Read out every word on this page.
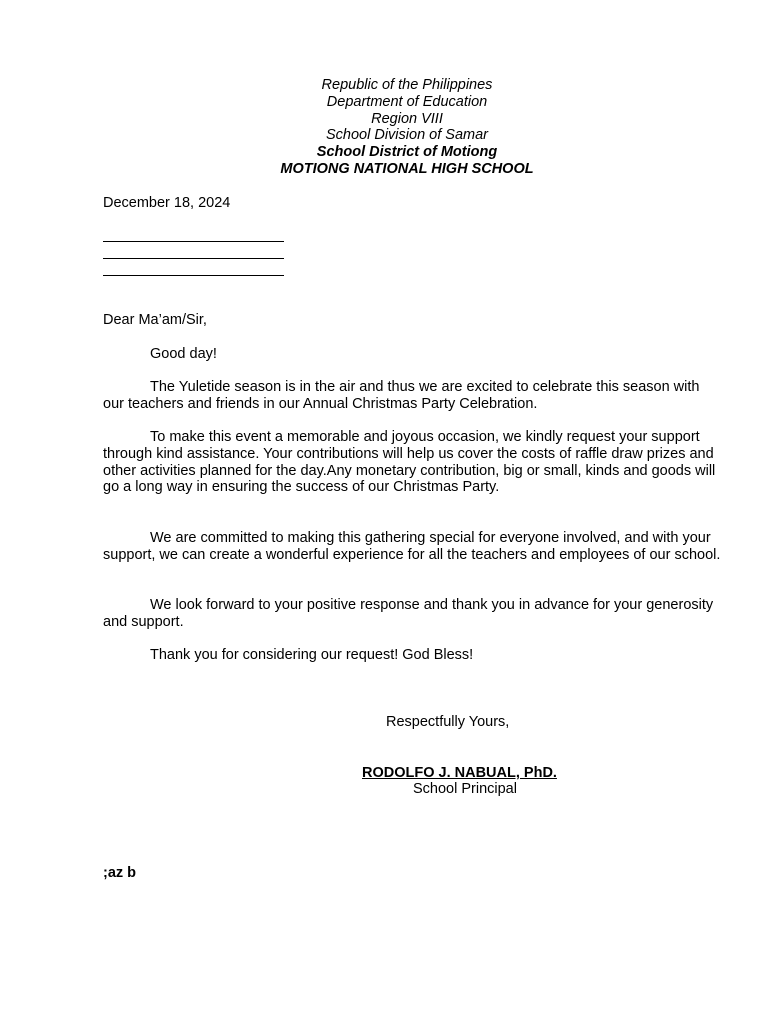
Republic of the Philippines
Department of Education
Region VIII
School Division of Samar
School District of Motiong
MOTIONG NATIONAL HIGH SCHOOL
December 18, 2024
Dear Ma’am/Sir,
Good day!
The Yuletide season is in the air and thus we are excited to celebrate this season with our teachers and friends in our Annual Christmas Party Celebration.
To make this event a memorable and joyous occasion, we kindly request your support through kind assistance. Your contributions will help us cover the costs of raffle draw prizes and other activities planned for the day.Any monetary contribution, big or small, kinds and goods will go a long way in ensuring the success of our Christmas Party.
We are committed to making this gathering special for everyone involved, and with your support, we can create a wonderful experience for all the teachers and employees of our school.
We look forward to your positive response and thank you in advance for your generosity and support.
Thank you for considering our request! God Bless!
Respectfully Yours,
RODOLFO J. NABUAL, PhD.
School Principal
;az b
